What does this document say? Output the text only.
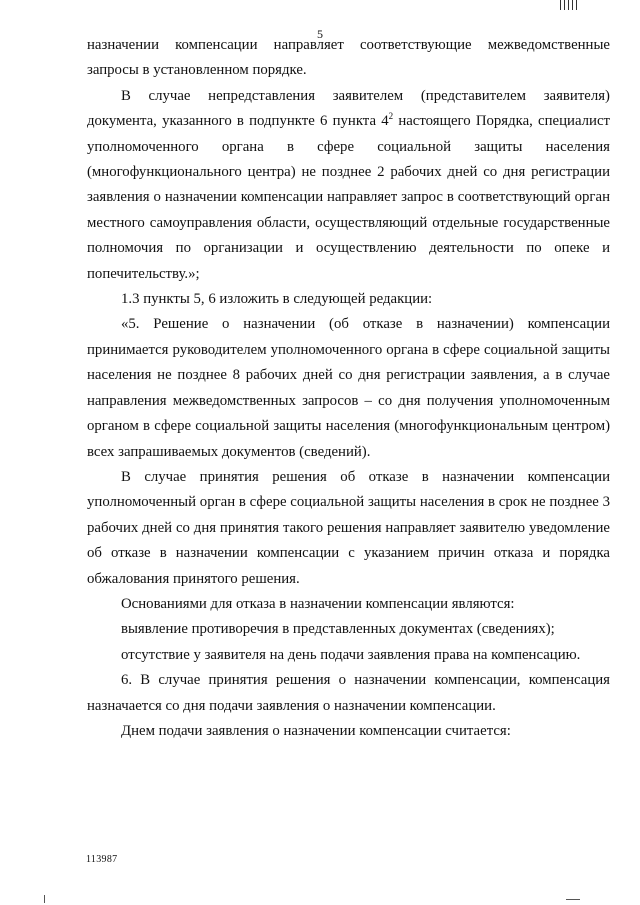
5

назначении компенсации направляет соответствующие межведомственные запросы в установленном порядке.

В случае непредставления заявителем (представителем заявителя) документа, указанного в подпункте 6 пункта $4^2$ настоящего Порядка, специалист уполномоченного органа в сфере социальной защиты населения (многофункционального центра) не позднее 2 рабочих дней со дня регистрации заявления о назначении компенсации направляет запрос в соответствующий орган местного самоуправления области, осуществляющий отдельные государственные полномочия по организации и осуществлению деятельности по опеке и попечительству.»;

1.3 пункты 5, 6 изложить в следующей редакции:

«5. Решение о назначении (об отказе в назначении) компенсации принимается руководителем уполномоченного органа в сфере социальной защиты населения не позднее 8 рабочих дней со дня регистрации заявления, а в случае направления межведомственных запросов – со дня получения уполномоченным органом в сфере социальной защиты населения (многофункциональным центром) всех запрашиваемых документов (сведений).

В случае принятия решения об отказе в назначении компенсации уполномоченный орган в сфере социальной защиты населения в срок не позднее 3 рабочих дней со дня принятия такого решения направляет заявителю уведомление об отказе в назначении компенсации с указанием причин отказа и порядка обжалования принятого решения.

Основаниями для отказа в назначении компенсации являются:

выявление противоречия в представленных документах (сведениях);

отсутствие у заявителя на день подачи заявления права на компенсацию.

6. В случае принятия решения о назначении компенсации, компенсация назначается со дня подачи заявления о назначении компенсации.

Днем подачи заявления о назначении компенсации считается:

113987
